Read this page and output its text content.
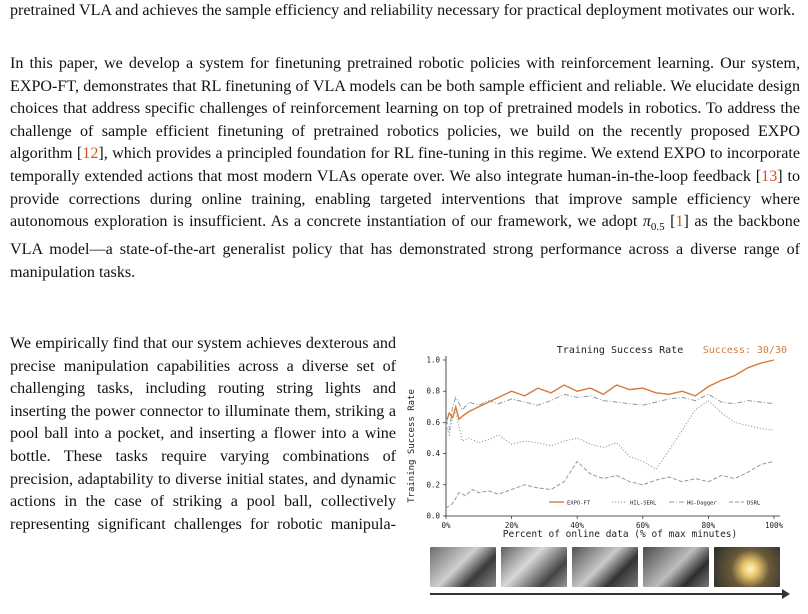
pretrained VLA and achieves the sample efficiency and reliability necessary for practical deployment motivates our work.

In this paper, we develop a system for finetuning pretrained robotic policies with reinforcement learning. Our system, EXPO-FT, demonstrates that RL finetuning of VLA models can be both sample efficient and reliable. We elucidate design choices that address specific challenges of reinforcement learning on top of pretrained models in robotics. To address the challenge of sample efficient finetuning of pretrained robotics policies, we build on the recently proposed EXPO algorithm [12], which provides a principled foundation for RL fine-tuning in this regime. We extend EXPO to incorporate temporally extended actions that most modern VLAs operate over. We also integrate human-in-the-loop feedback [13] to provide corrections during online training, enabling targeted interventions that improve sample efficiency where autonomous exploration is insufficient. As a concrete instantiation of our framework, we adopt $\pi_{0.5}$ [1] as the backbone VLA model—a state-of-the-art generalist policy that has demonstrated strong performance across a diverse range of manipulation tasks.

We empirically find that our system achieves dexterous and precise manipulation capabilities across a diverse set of challenging tasks, including routing string lights and inserting the power connector to illuminate them, striking a pool ball into a pocket, and inserting a flower into a wine bottle. These tasks require varying combinations of precision, adaptability to diverse initial states, and dynamic actions in the case of striking a pool ball, collectively representing significant challenges for robotic manipula-

Training Success Rate Success: 30/30
Training Success Rate
Percent of online data (% of max minutes)
0%	20%	40%	60%	80%	100%
0.0
0.2
0.4
0.6
0.8
1.0
EXPO-FT	HIL-SERL	HG-Dagger	DSRL
